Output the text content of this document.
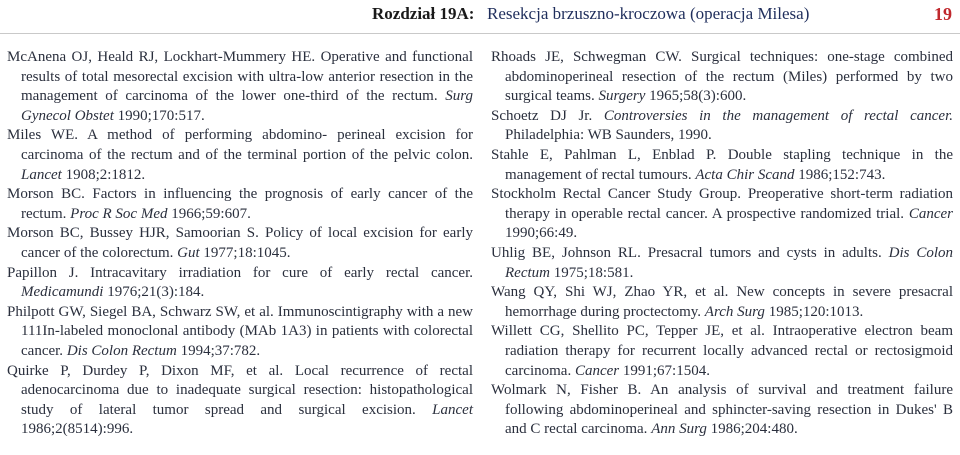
Rozdział 19A: Resekcja brzuszno-kroczowa (operacja Milesa)	19

McAnena OJ, Heald RJ, Lockhart-Mummery HE. Operative and functional results of total mesorectal excision with ultra-low anterior resection in the management of carcinoma of the lower one-third of the rectum. Surg Gynecol Obstet 1990;170:517.

Miles WE. A method of performing abdomino- perineal excision for carcinoma of the rectum and of the terminal portion of the pelvic colon. Lancet 1908;2:1812.

Morson BC. Factors in influencing the prognosis of early cancer of the rectum. Proc R Soc Med 1966;59:607.

Morson BC, Bussey HJR, Samoorian S. Policy of local excision for early cancer of the colorectum. Gut 1977;18:1045.

Papillon J. Intracavitary irradiation for cure of early rectal cancer. Medicamundi 1976;21(3):184.

Philpott GW, Siegel BA, Schwarz SW, et al. Immunoscintigraphy with a new 111In-labeled monoclonal antibody (MAb 1A3) in patients with colorectal cancer. Dis Colon Rectum 1994;37:782.

Quirke P, Durdey P, Dixon MF, et al. Local recurrence of rectal adenocarcinoma due to inadequate surgical resection: histopathological study of lateral tumor spread and surgical excision. Lancet 1986;2(8514):996.

Rhoads JE, Schwegman CW. Surgical techniques: one-stage combined abdominoperineal resection of the rectum (Miles) performed by two surgical teams. Surgery 1965;58(3):600.

Schoetz DJ Jr. Controversies in the management of rectal cancer. Philadelphia: WB Saunders, 1990.

Stahle E, Pahlman L, Enblad P. Double stapling technique in the management of rectal tumours. Acta Chir Scand 1986;152:743.

Stockholm Rectal Cancer Study Group. Preoperative short-term radiation therapy in operable rectal cancer. A prospective randomized trial. Cancer 1990;66:49.

Uhlig BE, Johnson RL. Presacral tumors and cysts in adults. Dis Colon Rectum 1975;18:581.

Wang QY, Shi WJ, Zhao YR, et al. New concepts in severe presacral hemorrhage during proctectomy. Arch Surg 1985;120:1013.

Willett CG, Shellito PC, Tepper JE, et al. Intraoperative electron beam radiation therapy for recurrent locally advanced rectal or rectosigmoid carcinoma. Cancer 1991;67:1504.

Wolmark N, Fisher B. An analysis of survival and treatment failure following abdominoperineal and sphincter-saving resection in Dukes' B and C rectal carcinoma. Ann Surg 1986;204:480.
